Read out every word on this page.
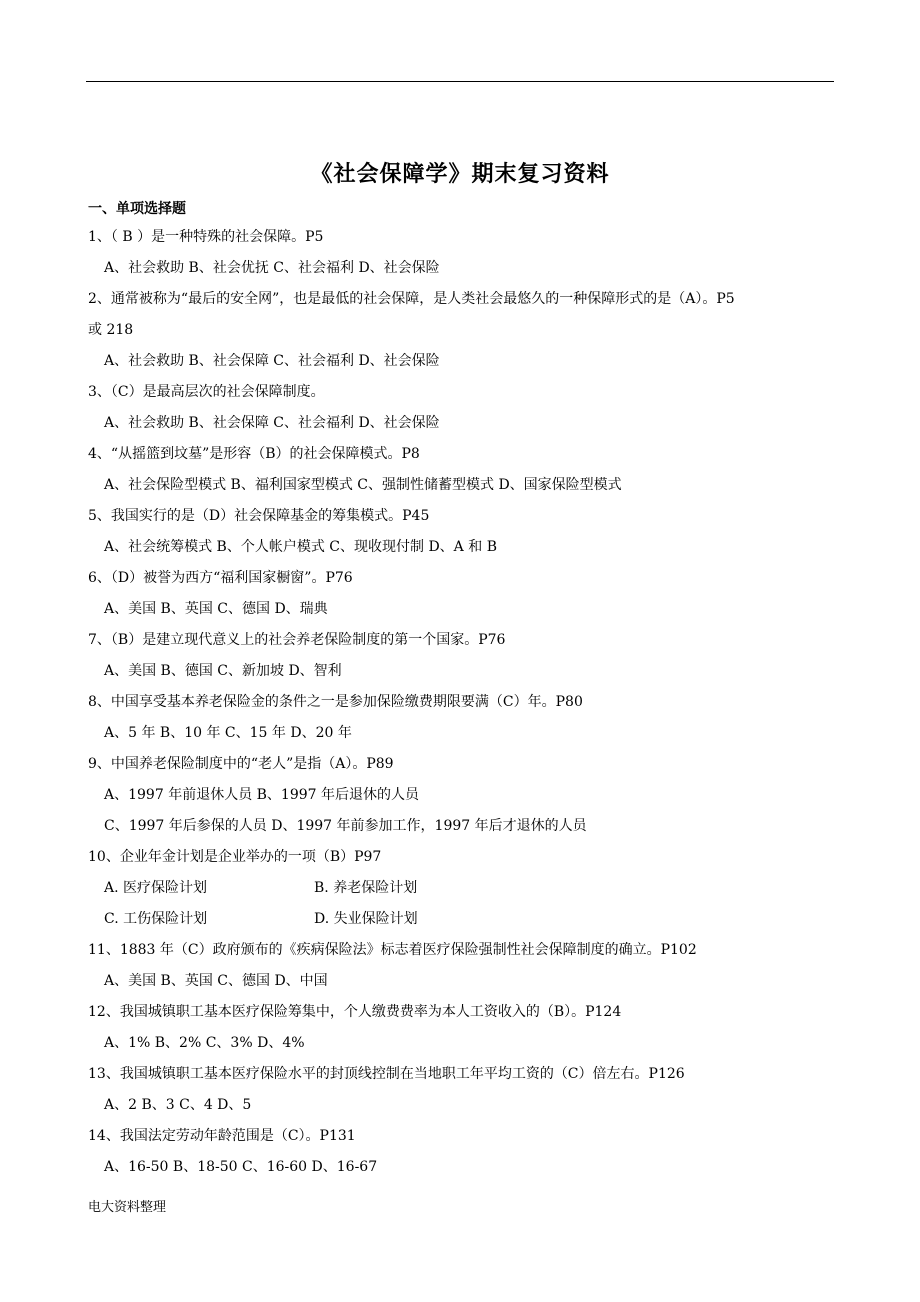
《社会保障学》期末复习资料
一、单项选择题
1、（ B ）是一种特殊的社会保障。P5
A、社会救助 B、社会优抚 C、社会福利 D、社会保险
2、通常被称为“最后的安全网”，也是最低的社会保障，是人类社会最悠久的一种保障形式的是（A）。P5
或 218
A、社会救助 B、社会保障 C、社会福利 D、社会保险
3、（C）是最高层次的社会保障制度。
A、社会救助 B、社会保障 C、社会福利 D、社会保险
4、“从摇篮到坟墓”是形容（B）的社会保障模式。P8
A、社会保险型模式 B、福利国家型模式 C、强制性储蓄型模式 D、国家保险型模式
5、我国实行的是（D）社会保障基金的筹集模式。P45
A、社会统筹模式 B、个人帐户模式 C、现收现付制 D、A 和 B
6、（D）被誉为西方“福利国家橱窗”。P76
A、美国 B、英国 C、德国 D、瑞典
7、（B）是建立现代意义上的社会养老保险制度的第一个国家。P76
A、美国 B、德国 C、新加坡 D、智利
8、中国享受基本养老保险金的条件之一是参加保险缴费期限要满（C）年。P80
A、5 年 B、10 年 C、15 年 D、20 年
9、中国养老保险制度中的“老人”是指（A）。P89
A、1997 年前退休人员 B、1997 年后退休的人员
C、1997 年后参保的人员 D、1997 年前参加工作，1997 年后才退休的人员
10、企业年金计划是企业举办的一项（B）P97
A. 医疗保险计划	B. 养老保险计划
C. 工伤保险计划	D. 失业保险计划
11、1883 年（C）政府颁布的《疾病保险法》标志着医疗保险强制性社会保障制度的确立。P102
A、美国 B、英国 C、德国 D、中国
12、我国城镇职工基本医疗保险筹集中，个人缴费费率为本人工资收入的（B）。P124
A、1% B、2% C、3% D、4%
13、我国城镇职工基本医疗保险水平的封顶线控制在当地职工年平均工资的（C）倍左右。P126
A、2 B、3 C、4 D、5
14、我国法定劳动年龄范围是（C）。P131
A、16-50 B、18-50 C、16-60 D、16-67
电大资料整理
